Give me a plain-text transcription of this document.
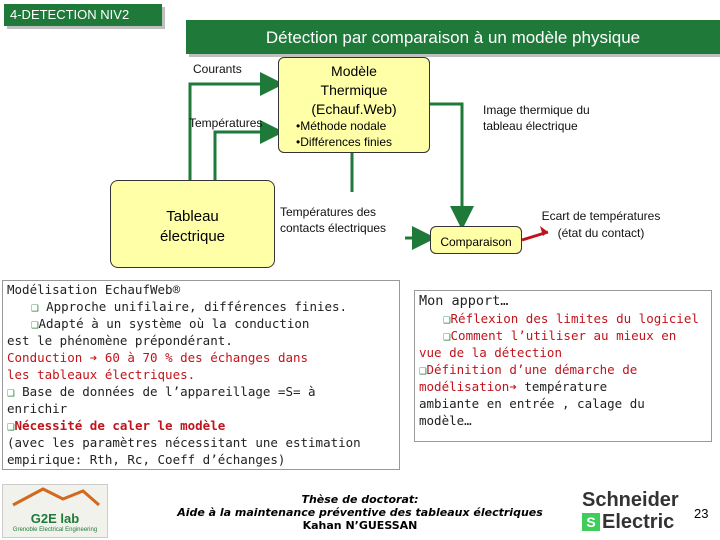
4-DETECTION NIV2
Détection par comparaison à un modèle physique
Courants
Températures
Modèle
Thermique
(Echauf.Web)
•Méthode nodale
•Différences finies
Tableau
électrique
Températures des
contacts électriques
Image thermique du
tableau électrique
Comparaison
Ecart de températures
(état du contact)
Modélisation EchaufWeb®
❑ Approche unifilaire, différences finies.
❑Adapté à un système où la conduction
est le phénomène prépondérant.
Conduction ➔ 60 à 70 % des échanges dans
les tableaux électriques.
❑ Base de données de l’appareillage =S= à
enrichir
❑Nécessité de caler le modèle
(avec les paramètres nécessitant une estimation
empirique: Rth, Rc, Coeff d’échanges)
Mon apport…
❑Réflexion des limites du logiciel
❑Comment l’utiliser au mieux en
vue de la détection
❑Définition d’une démarche de
modélisation➔ température
ambiante en entrée , calage du
modèle…
G2E lab
Grenoble Electrical Engineering
Thèse de doctorat:
Aide à la maintenance préventive des tableaux électriques
Kahan N’GUESSAN
Schneider
S Electric 23
